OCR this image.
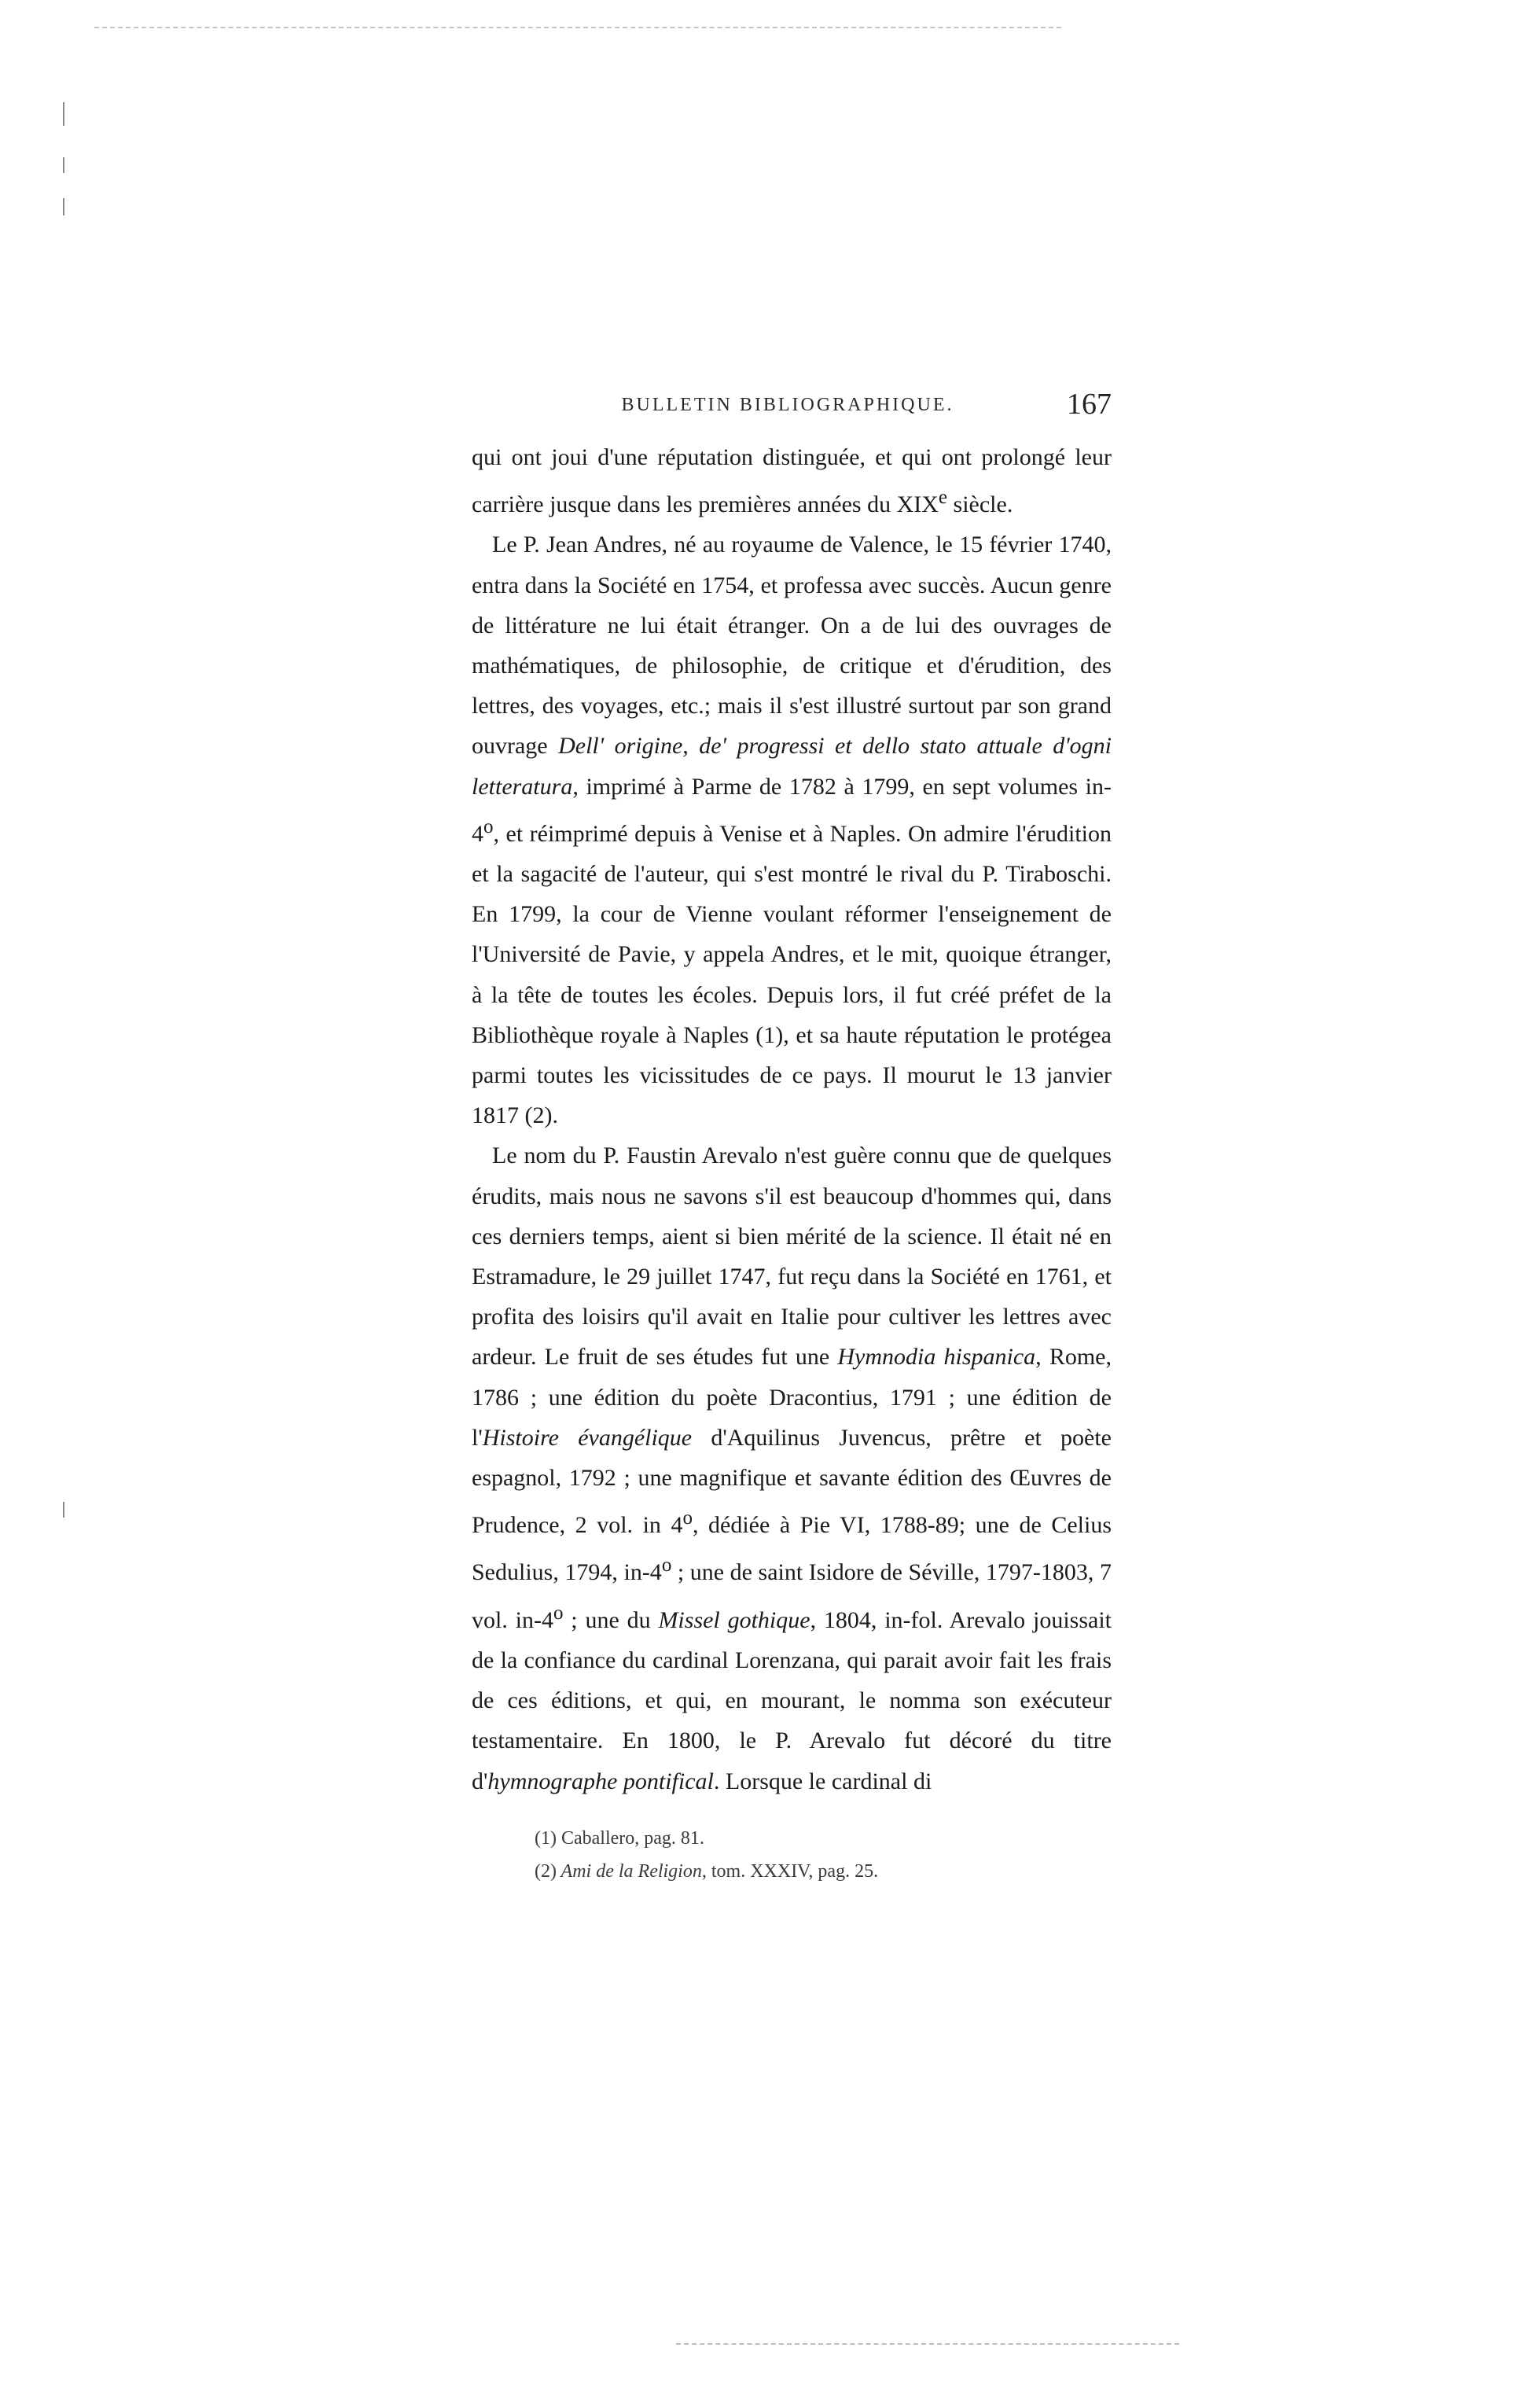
BULLETIN BIBLIOGRAPHIQUE.	167

qui ont joui d'une réputation distinguée, et qui ont prolongé leur carrière jusque dans les premières années du XIXe siècle.

Le P. Jean Andres, né au royaume de Valence, le 15 février 1740, entra dans la Société en 1754, et professa avec succès. Aucun genre de littérature ne lui était étranger. On a de lui des ouvrages de mathématiques, de philosophie, de critique et d'érudition, des lettres, des voyages, etc.; mais il s'est illustré surtout par son grand ouvrage Dell' origine, de' progressi et dello stato attuale d'ogni letteratura, imprimé à Parme de 1782 à 1799, en sept volumes in-4$^o$, et réimprimé depuis à Venise et à Naples. On admire l'érudition et la sagacité de l'auteur, qui s'est montré le rival du P. Tiraboschi. En 1799, la cour de Vienne voulant réformer l'enseignement de l'Université de Pavie, y appela Andres, et le mit, quoique étranger, à la tête de toutes les écoles. Depuis lors, il fut créé préfet de la Bibliothèque royale à Naples (1), et sa haute réputation le protégea parmi toutes les vicissitudes de ce pays. Il mourut le 13 janvier 1817 (2).

Le nom du P. Faustin Arevalo n'est guère connu que de quelques érudits, mais nous ne savons s'il est beaucoup d'hommes qui, dans ces derniers temps, aient si bien mérité de la science. Il était né en Estramadure, le 29 juillet 1747, fut reçu dans la Société en 1761, et profita des loisirs qu'il avait en Italie pour cultiver les lettres avec ardeur. Le fruit de ses études fut une Hymnodia hispanica, Rome, 1786 ; une édition du poète Dracontius, 1791 ; une édition de l'Histoire évangélique d'Aquilinus Juvencus, prêtre et poète espagnol, 1792 ; une magnifique et savante édition des Œuvres de Prudence, 2 vol. in 4$^o$, dédiée à Pie VI, 1788-89; une de Celius Sedulius, 1794, in-4$^o$ ; une de saint Isidore de Séville, 1797-1803, 7 vol. in-4$^o$ ; une du Missel gothique, 1804, in-fol. Arevalo jouissait de la confiance du cardinal Lorenzana, qui parait avoir fait les frais de ces éditions, et qui, en mourant, le nomma son exécuteur testamentaire. En 1800, le P. Arevalo fut décoré du titre d'hymnographe pontifical. Lorsque le cardinal di

(1) Caballero, pag. 81.
(2) Ami de la Religion, tom. XXXIV, pag. 25.
